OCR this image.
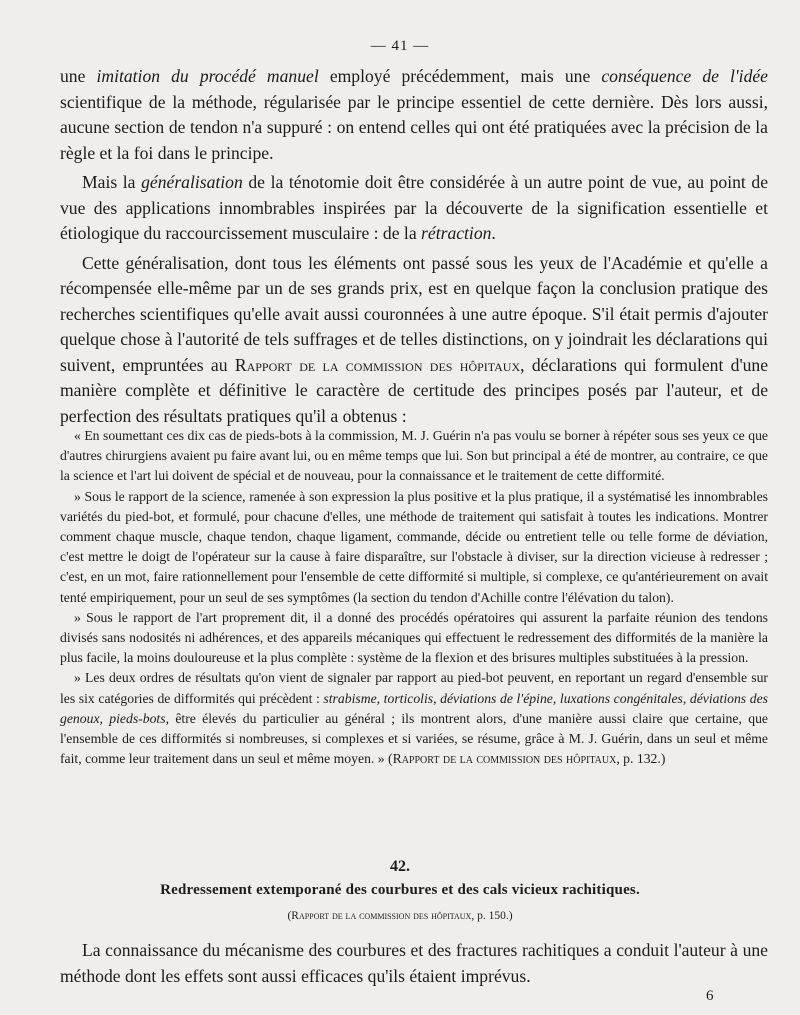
— 41 —

une imitation du procédé manuel employé précédemment, mais une conséquence de l'idée scientifique de la méthode, régularisée par le principe essentiel de cette dernière. Dès lors aussi, aucune section de tendon n'a suppuré : on entend celles qui ont été pratiquées avec la précision de la règle et la foi dans le principe.

Mais la généralisation de la ténotomie doit être considérée à un autre point de vue, au point de vue des applications innombrables inspirées par la découverte de la signification essentielle et étiologique du raccourcissement musculaire : de la rétraction.

Cette généralisation, dont tous les éléments ont passé sous les yeux de l'Académie et qu'elle a récompensée elle-même par un de ses grands prix, est en quelque façon la conclusion pratique des recherches scientifiques qu'elle avait aussi couronnées à une autre époque. S'il était permis d'ajouter quelque chose à l'autorité de tels suffrages et de telles distinctions, on y joindrait les déclarations qui suivent, empruntées au Rapport de la commission des hôpitaux, déclarations qui formulent d'une manière complète et définitive le caractère de certitude des principes posés par l'auteur, et de perfection des résultats pratiques qu'il a obtenus :

« En soumettant ces dix cas de pieds-bots à la commission, M. J. Guérin n'a pas voulu se borner à répéter sous ses yeux ce que d'autres chirurgiens avaient pu faire avant lui, ou en même temps que lui. Son but principal a été de montrer, au contraire, ce que la science et l'art lui doivent de spécial et de nouveau, pour la connaissance et le traitement de cette difformité.

» Sous le rapport de la science, ramenée à son expression la plus positive et la plus pratique, il a systématisé les innombrables variétés du pied-bot, et formulé, pour chacune d'elles, une méthode de traitement qui satisfait à toutes les indications. Montrer comment chaque muscle, chaque tendon, chaque ligament, commande, décide ou entretient telle ou telle forme de déviation, c'est mettre le doigt de l'opérateur sur la cause à faire disparaître, sur l'obstacle à diviser, sur la direction vicieuse à redresser ; c'est, en un mot, faire rationnellement pour l'ensemble de cette difformité si multiple, si complexe, ce qu'antérieurement on avait tenté empiriquement, pour un seul de ses symptômes (la section du tendon d'Achille contre l'élévation du talon).

» Sous le rapport de l'art proprement dit, il a donné des procédés opératoires qui assurent la parfaite réunion des tendons divisés sans nodosités ni adhérences, et des appareils mécaniques qui effectuent le redressement des difformités de la manière la plus facile, la moins douloureuse et la plus complète : système de la flexion et des brisures multiples substituées à la pression.

» Les deux ordres de résultats qu'on vient de signaler par rapport au pied-bot peuvent, en reportant un regard d'ensemble sur les six catégories de difformités qui précèdent : strabisme, torticolis, déviations de l'épine, luxations congénitales, déviations des genoux, pieds-bots, être élevés du particulier au général ; ils montrent alors, d'une manière aussi claire que certaine, que l'ensemble de ces difformités si nombreuses, si complexes et si variées, se résume, grâce à M. J. Guérin, dans un seul et même fait, comme leur traitement dans un seul et même moyen. » (Rapport de la commission des hôpitaux, p. 132.)

42.
Redressement extemporané des courbures et des cals vicieux rachitiques.
(Rapport de la commission des hôpitaux, p. 150.)

La connaissance du mécanisme des courbures et des fractures rachitiques a conduit l'auteur à une méthode dont les effets sont aussi efficaces qu'ils étaient imprévus.

6
